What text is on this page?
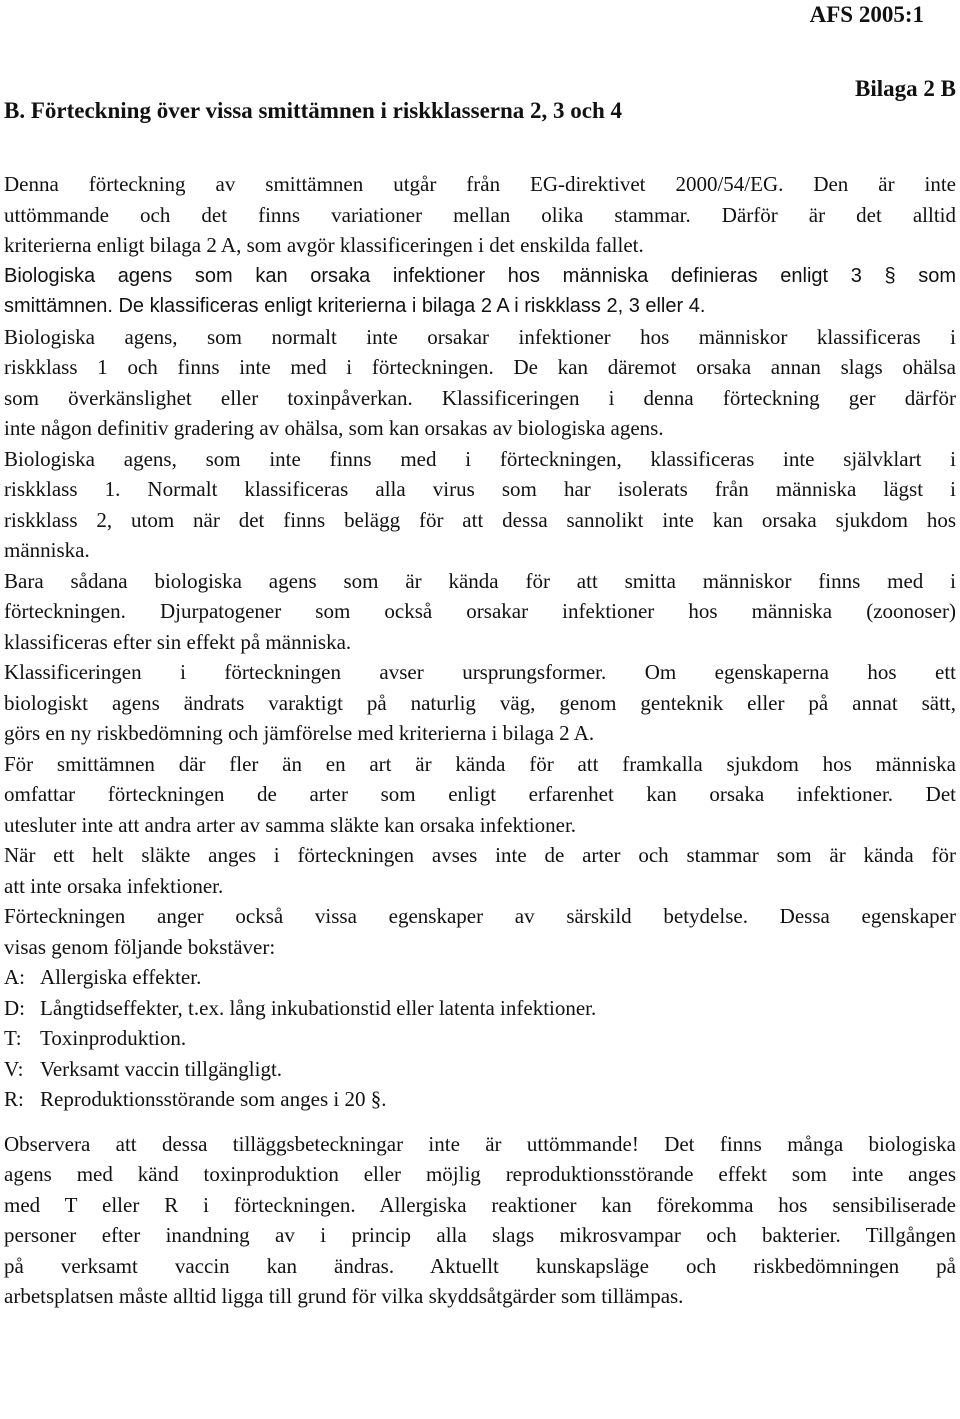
AFS 2005:1
Bilaga 2 B
B. Förteckning över vissa smittämnen i riskklasserna 2, 3 och 4
Denna förteckning av smittämnen utgår från EG-direktivet 2000/54/EG. Den är inte
uttömmande och det finns variationer mellan olika stammar. Därför är det alltid
kriterierna enligt bilaga 2 A, som avgör klassificeringen i det enskilda fallet.
Biologiska agens som kan orsaka infektioner hos människa definieras enligt 3 § som
smittämnen. De klassificeras enligt kriterierna i bilaga 2 A i riskklass 2, 3 eller 4.
Biologiska agens, som normalt inte orsakar infektioner hos människor klassificeras i
riskklass 1 och finns inte med i förteckningen. De kan däremot orsaka annan slags ohälsa
som överkänslighet eller toxinpåverkan. Klassificeringen i denna förteckning ger därför
inte någon definitiv gradering av ohälsa, som kan orsakas av biologiska agens.
Biologiska agens, som inte finns med i förteckningen, klassificeras inte självklart i
riskklass 1. Normalt klassificeras alla virus som har isolerats från människa lägst i
riskklass 2, utom när det finns belägg för att dessa sannolikt inte kan orsaka sjukdom hos
människa.
Bara sådana biologiska agens som är kända för att smitta människor finns med i
förteckningen. Djurpatogener som också orsakar infektioner hos människa (zoonoser)
klassificeras efter sin effekt på människa.
Klassificeringen i förteckningen avser ursprungsformer. Om egenskaperna hos ett
biologiskt agens ändrats varaktigt på naturlig väg, genom genteknik eller på annat sätt,
görs en ny riskbedömning och jämförelse med kriterierna i bilaga 2 A.
För smittämnen där fler än en art är kända för att framkalla sjukdom hos människa
omfattar förteckningen de arter som enligt erfarenhet kan orsaka infektioner. Det
utesluter inte att andra arter av samma släkte kan orsaka infektioner.
När ett helt släkte anges i förteckningen avses inte de arter och stammar som är kända för
att inte orsaka infektioner.
Förteckningen anger också vissa egenskaper av särskild betydelse. Dessa egenskaper
visas genom följande bokstäver:
A: Allergiska effekter.
D: Långtidseffekter, t.ex. lång inkubationstid eller latenta infektioner.
T: Toxinproduktion.
V: Verksamt vaccin tillgängligt.
R: Reproduktionsstörande som anges i 20 §.
Observera att dessa tilläggsbeteckningar inte är uttömmande! Det finns många biologiska
agens med känd toxinproduktion eller möjlig reproduktionsstörande effekt som inte anges
med T eller R i förteckningen. Allergiska reaktioner kan förekomma hos sensibiliserade
personer efter inandning av i princip alla slags mikrosvampar och bakterier. Tillgången
på verksamt vaccin kan ändras. Aktuellt kunskapsläge och riskbedömningen på
arbetsplatsen måste alltid ligga till grund för vilka skyddsåtgärder som tillämpas.
